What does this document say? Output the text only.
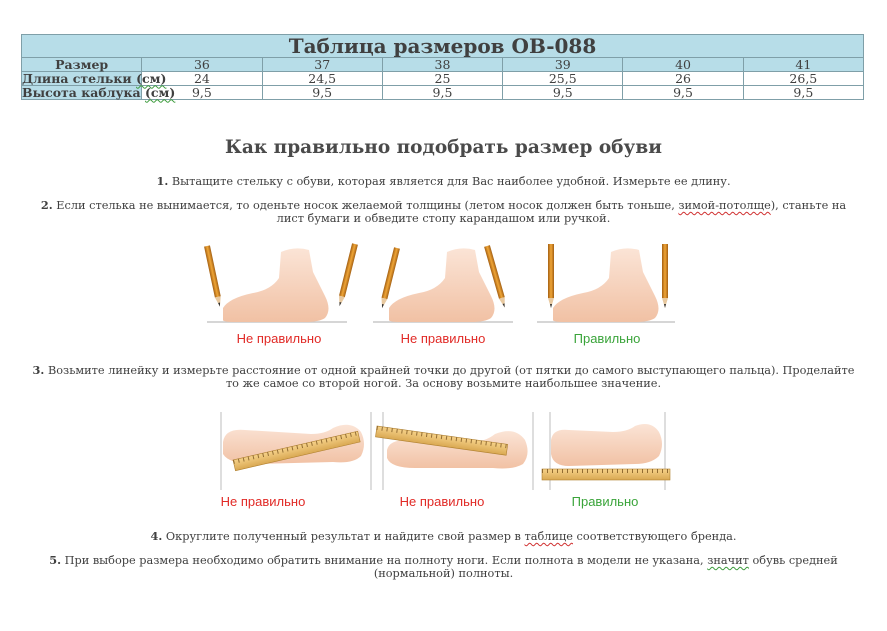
Таблица размеров OB-088						
Размер	36	37	38	39	40	41
Длина стельки (см)	24	24,5	25	25,5	26	26,5
Высота каблука (см)	9,5	9,5	9,5	9,5	9,5	9,5
Как правильно подобрать размер обуви

1. Вытащите стельку с обуви, которая является для Вас наиболее удобной. Измерьте ее длину.

2. Если стелька не вынимается, то оденьте носок желаемой толщины (летом носок должен быть тоньше, зимой-потолще), станьте на лист бумаги и обведите стопу карандашом или ручкой.

Не правильно	Не правильно	Правильно

3. Возьмите линейку и измерьте расстояние от одной крайней точки до другой (от пятки до самого выступающего пальца). Проделайте то же самое со второй ногой. За основу возьмите наибольшее значение.

Не правильно	Не правильно	Правильно

4. Округлите полученный результат и найдите свой размер в таблице соответствующего бренда.

5. При выборе размера необходимо обратить внимание на полноту ноги. Если полнота в модели не указана, значит обувь средней (нормальной) полноты.
